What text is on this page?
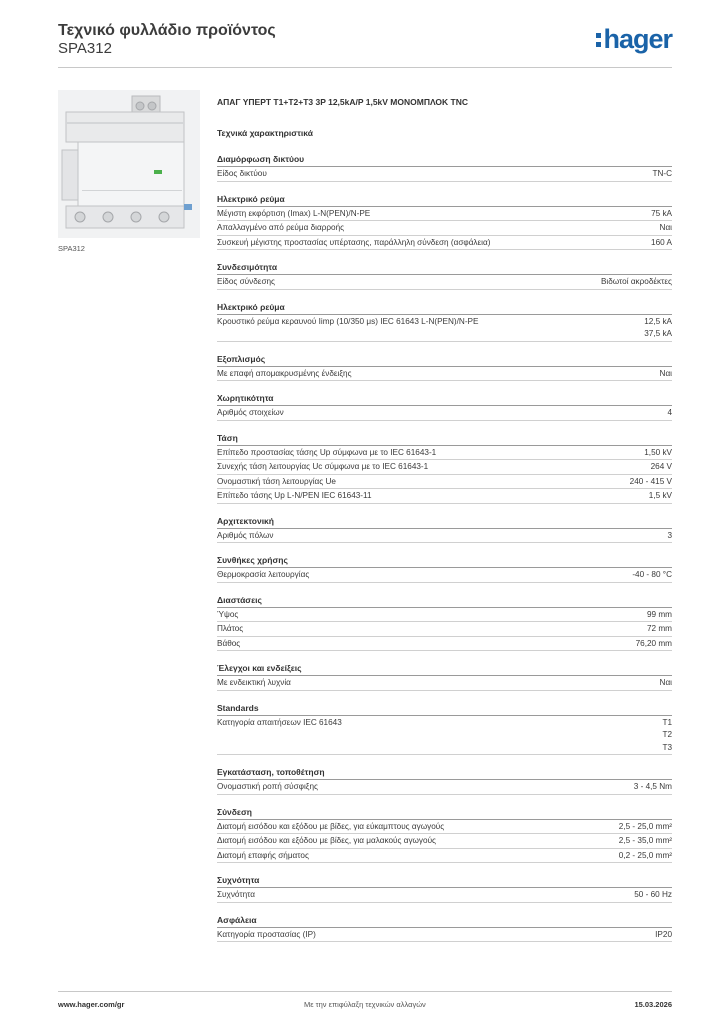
Τεχνικό φυλλάδιο προϊόντος
SPA312	hager
SPA312
ΑΠΑΓ ΥΠΕΡΤ Τ1+Τ2+Τ3 3P 12,5kA/P 1,5kV ΜΟΝΟΜΠΛΟΚ TNC
Τεχνικά χαρακτηριστικά
Διαμόρφωση δικτύου
Είδος δικτύου	TN-C
Ηλεκτρικό ρεύμα
Μέγιστη εκφόρτιση (Imax) L-N(PEN)/N-PE	75 kA
Απαλλαγμένο από ρεύμα διαρροής	Ναι
Συσκευή μέγιστης προστασίας υπέρτασης, παράλληλη σύνδεση (ασφάλεια)	160 A
Συνδεσιμότητα
Είδος σύνδεσης	Βιδωτοί ακροδέκτες
Ηλεκτρικό ρεύμα
Κρουστικό ρεύμα κεραυνού Iimp (10/350 μs) IEC 61643 L-N(PEN)/N-PE	12,5 kA
37,5 kA
Εξοπλισμός
Με επαφή απομακρυσμένης ένδειξης	Ναι
Χωρητικότητα
Αριθμός στοιχείων	4
Τάση
Επίπεδο προστασίας τάσης Up σύμφωνα με το IEC 61643-1	1,50 kV
Συνεχής τάση λειτουργίας Uc σύμφωνα με το IEC 61643-1	264 V
Ονομαστική τάση λειτουργίας Ue	240 - 415 V
Επίπεδο τάσης Up L-N/PEN IEC 61643-11	1,5 kV
Αρχιτεκτονική
Αριθμός πόλων	3
Συνθήκες χρήσης
Θερμοκρασία λειτουργίας	-40 - 80 °C
Διαστάσεις
Ύψος	99 mm
Πλάτος	72 mm
Βάθος	76,20 mm
Έλεγχοι και ενδείξεις
Με ενδεικτική λυχνία	Ναι
Standards
Κατηγορία απαιτήσεων IEC 61643	T1
T2
T3
Εγκατάσταση, τοποθέτηση
Ονομαστική ροπή σύσφιξης	3 - 4,5 Nm
Σύνδεση
Διατομή εισόδου και εξόδου με βίδες, για εύκαμπτους αγωγούς	2,5 - 25,0 mm²
Διατομή εισόδου και εξόδου με βίδες, για μαλακούς αγωγούς	2,5 - 35,0 mm²
Διατομή επαφής σήματος	0,2 - 25,0 mm²
Συχνότητα
Συχνότητα	50 - 60 Hz
Ασφάλεια
Κατηγορία προστασίας (IP)	IP20
www.hager.com/gr	Με την επιφύλαξη τεχνικών αλλαγών	15.03.2026
